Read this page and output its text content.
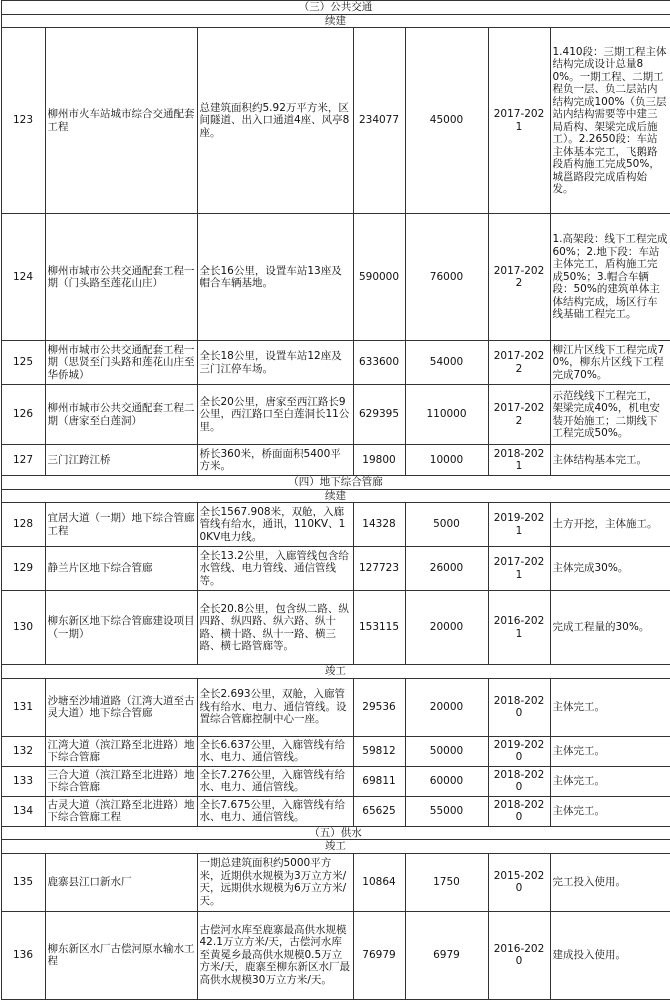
（三）公共交通						
续建						
123	柳州市火车站城市综合交通配套工程	总建筑面积约5.92万平方米，区间隧道、出入口通道4座、风亭8座。	234077	45000	2017-2021	1.410段：三期工程主体结构完成设计总量80%。一期工程、二期工程负一层、负二层站内结构完成100%（负三层站内结构需要等中建三局盾构、架梁完成后施工）。2.2650段：车站主体基本完工，飞鹅路段盾构施工完成50%，城邕路段完成盾构始发。
124	柳州市城市公共交通配套工程一期（门头路至莲花山庄）	全长16公里，设置车站13座及帽合车辆基地。	590000	76000	2017-2022	1.高架段：线下工程完成60%；2.地下段：车站主体完工，盾构施工完成50%；3.帽合车辆段：50%的建筑单体主体结构完成，场区行车线基础工程完工。
125	柳州市城市公共交通配套工程一期（思贤至门头路和莲花山庄至华侨城）	全长18公里，设置车站12座及三门江停车场。	633600	54000	2017-2022	柳江片区线下工程完成70%，柳东片区线下工程完成70%。
126	柳州市城市公共交通配套工程二期（唐家至白莲洞）	全长20公里，唐家至西江路长9公里，西江路口至白莲洞长11公里。	629395	110000	2017-2022	示范线线下工程完工，架梁完成40%，机电安装开始施工；二期线下工程完成50%。
127	三门江跨江桥	桥长360米，桥面面积5400平方米。	19800	10000	2018-2021	主体结构基本完工。
（四）地下综合管廊						
续建						
128	宜居大道（一期）地下综合管廊工程	全长1567.908米，双舱，入廊管线有给水，通讯，110KV、10KV电力线。	14328	5000	2019-2021	土方开挖，主体施工。
129	静兰片区地下综合管廊	全长13.2公里，入廊管线包含给水管线、电力管线、通信管线等。	127723	26000	2017-2021	主体完成30%。
130	柳东新区地下综合管廊建设项目（一期）	全长20.8公里，包含纵二路、纵四路、纵四路、纵六路、纵十路、横十路、纵十一路、横三路、横七路管廊等。	153115	20000	2016-2021	完成工程量的30%。
竣工						
131	沙塘至沙埔道路（江湾大道至古灵大道）地下综合管廊	全长2.693公里，双舱，入廊管线有给水、电力、通信管线。设置综合管廊控制中心一座。	29536	20000	2018-2020	主体完工。
132	江湾大道（滨江路至北进路）地下综合管廊	全长6.637公里，入廊管线有给水、电力、通信管线。	59812	50000	2019-2020	主体完工。
133	三合大道（滨江路至北进路）地下综合管廊	全长7.276公里，入廊管线有给水、电力、通信管线。	69811	60000	2018-2020	主体完工。
134	古灵大道（滨江路至北进路）地下综合管廊工程	全长7.675公里，入廊管线有给水、电力、通信管线。	65625	55000	2018-2020	主体完工。
（五）供水						
竣工						
135	鹿寨县江口新水厂	一期总建筑面积约5000平方米，近期供水规模为3万立方米/天，远期供水规模为6万立方米/天。	10864	1750	2015-2020	完工投入使用。
136	柳东新区水厂古偿河原水输水工程	古偿河水库至鹿寨最高供水规模42.1万立方米/天，古偿河水库至黄冕乡最高供水规模0.5万立方米/天，鹿寨至柳东新区水厂最高供水规模30万立方米/天。	76979	6979	2016-2020	建成投入使用。
